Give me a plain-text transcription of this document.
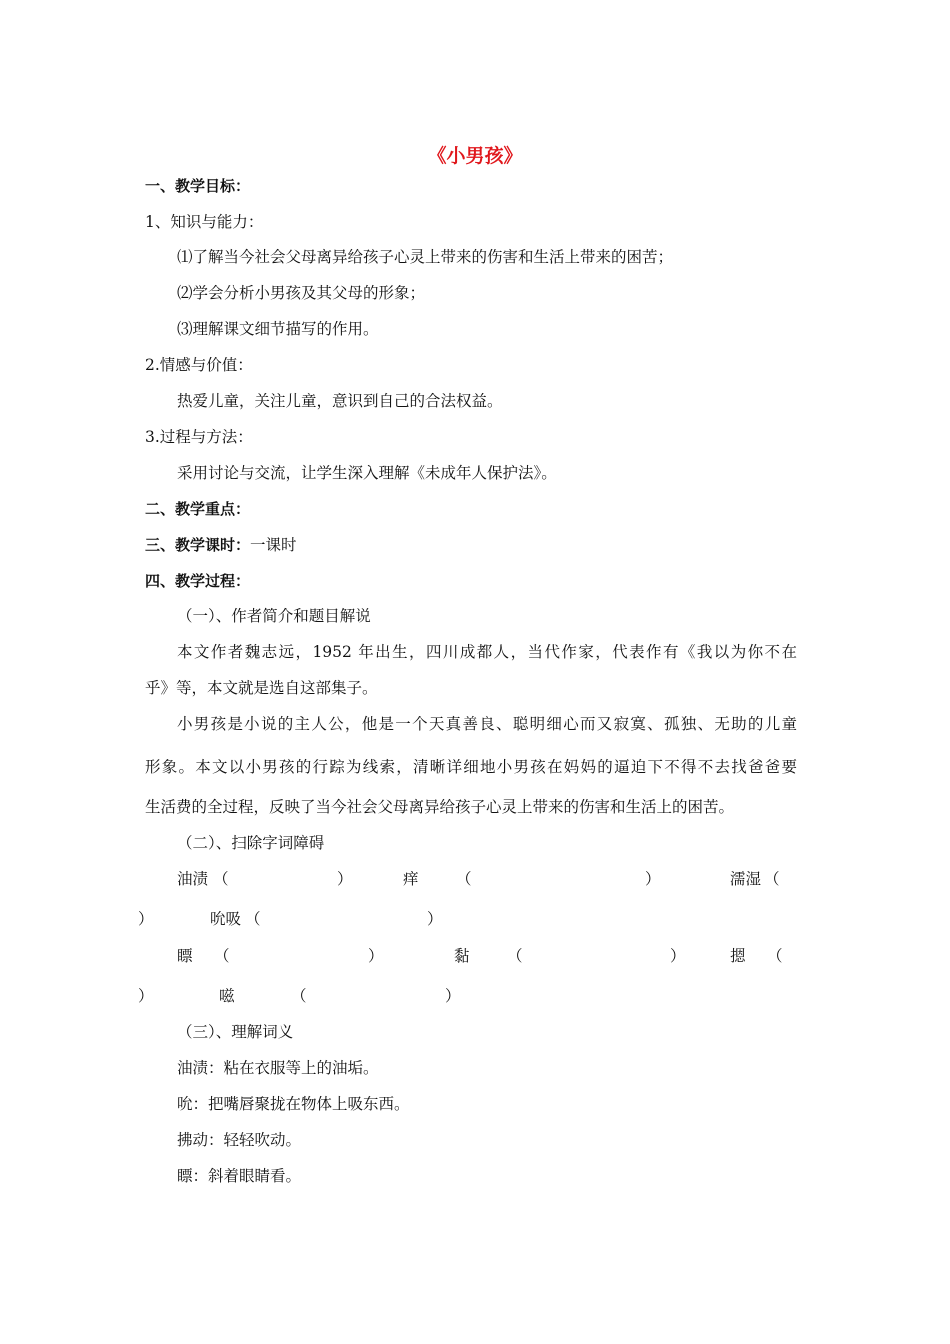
《小男孩》
一、教学目标：
1、知识与能力：
⑴了解当今社会父母离异给孩子心灵上带来的伤害和生活上带来的困苦；
⑵学会分析小男孩及其父母的形象；
⑶理解课文细节描写的作用。
2.情感与价值：
热爱儿童，关注儿童，意识到自己的合法权益。
3.过程与方法：
采用讨论与交流，让学生深入理解《未成年人保护法》。
二、教学重点：
三、教学课时：一课时
四、教学过程：
（一）、作者简介和题目解说
本文作者魏志远，1952 年出生，四川成都人，当代作家，代表作有《我以为你不在
乎》等，本文就是选自这部集子。
小男孩是小说的主人公，他是一个天真善良、聪明细心而又寂寞、孤独、无助的儿童
形象。本文以小男孩的行踪为线索，清晰详细地小男孩在妈妈的逼迫下不得不去找爸爸要
生活费的全过程，反映了当今社会父母离异给孩子心灵上带来的伤害和生活上的困苦。
（二）、扫除字词障碍
油渍 （	）	痒 （	）	濡湿 （
）	吮吸 （	）
瞟 （	）	黏 （	）	摁 （
）	嗞	（	）
（三）、理解词义
油渍：粘在衣服等上的油垢。
吮：把嘴唇聚拢在物体上吸东西。
拂动：轻轻吹动。
瞟：斜着眼睛看。
